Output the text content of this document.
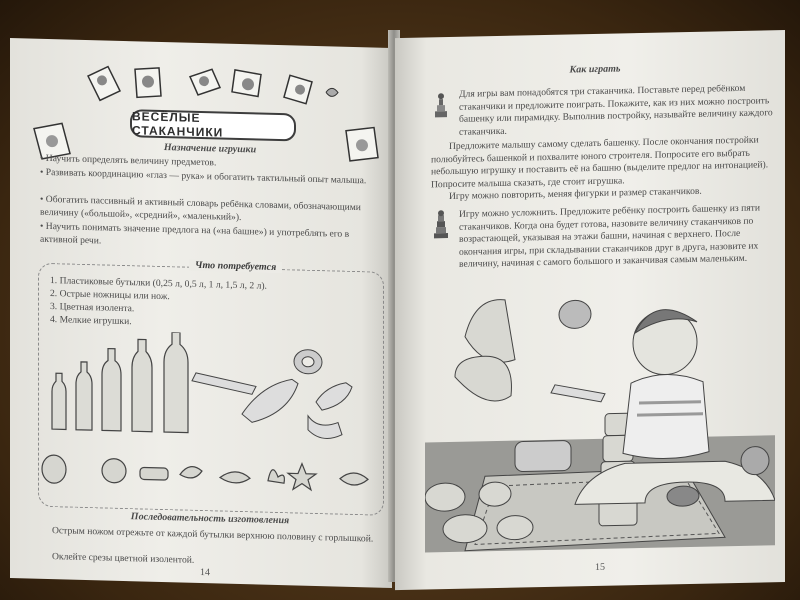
ВЕСЁЛЫЕ СТАКАНЧИКИ
Назначение игрушки
• Научить определять величину предметов.
• Развивать координацию «глаз — рука» и обогатить тактильный опыт малыша.
• Обогатить пассивный и активный словарь ребёнка словами, обозначающими величину («большой», «средний», «маленький»).
• Научить понимать значение предлога на («на башне») и употреблять его в активной речи.
Что потребуется
1. Пластиковые бутылки (0,25 л, 0,5 л, 1 л, 1,5 л, 2 л).
2. Острые ножницы или нож.
3. Цветная изолента.
4. Мелкие игрушки.
Последовательность изготовления
Острым ножом отрежьте от каждой бутылки верхнюю половину с горлышкой.
Оклейте срезы цветной изолентой.
14
Как играть
Для игры вам понадобятся три стаканчика. Поставьте перед ребёнком стаканчики и предложите поиграть. Покажите, как из них можно построить башенку или пирамидку. Выполнив постройку, называйте величину каждого стаканчика.
Предложите малышу самому сделать башенку. После окончания постройки полюбуйтесь башенкой и похвалите юного строителя. Попросите его выбрать небольшую игрушку и поставить её на башню (выделите предлог на интонацией). Попросите малыша сказать, где стоит игрушка.
Игру можно повторить, меняя фигурки и размер стаканчиков.
Игру можно усложнить. Предложите ребёнку построить башенку из пяти стаканчиков. Когда она будет готова, назовите величину стаканчиков по возрастающей, указывая на этажи башни, начиная с верхнего. После окончания игры, при складывании стаканчиков друг в друга, назовите их величину, начиная с самого большого и заканчивая самым маленьким.
15
